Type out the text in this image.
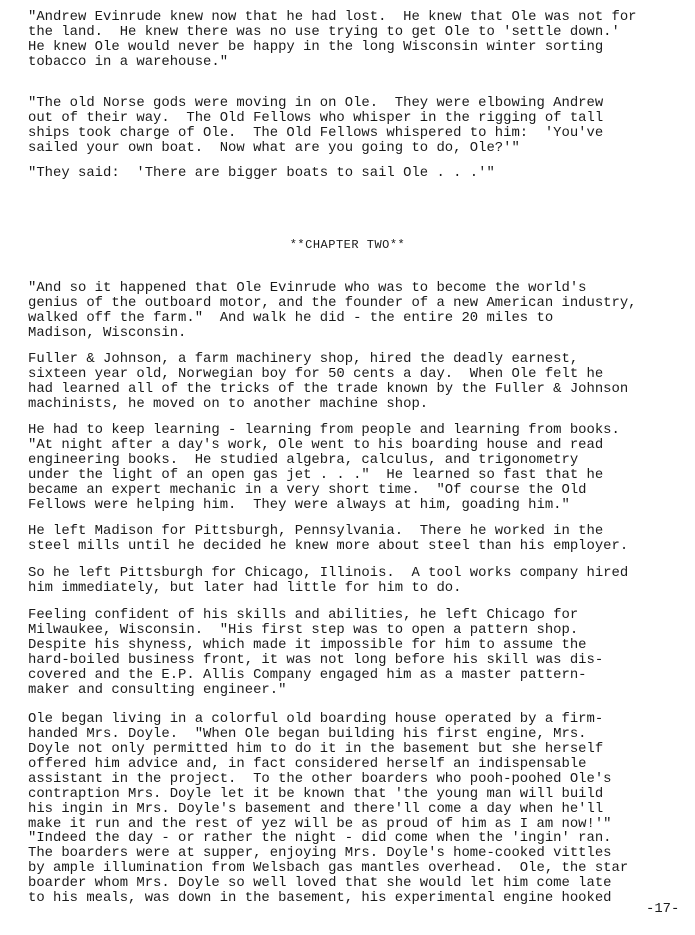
"Andrew Evinrude knew now that he had lost.  He knew that Ole was not for
the land.  He knew there was no use trying to get Ole to 'settle down.'
He knew Ole would never be happy in the long Wisconsin winter sorting
tobacco in a warehouse."

"The old Norse gods were moving in on Ole.  They were elbowing Andrew
out of their way.  The Old Fellows who whisper in the rigging of tall
ships took charge of Ole.  The Old Fellows whispered to him:  'You've
sailed your own boat.  Now what are you going to do, Ole?'"

"They said:  'There are bigger boats to sail Ole . . .'"

**CHAPTER TWO**

"And so it happened that Ole Evinrude who was to become the world's
genius of the outboard motor, and the founder of a new American industry,
walked off the farm."  And walk he did - the entire 20 miles to
Madison, Wisconsin.

Fuller & Johnson, a farm machinery shop, hired the deadly earnest,
sixteen year old, Norwegian boy for 50 cents a day.  When Ole felt he
had learned all of the tricks of the trade known by the Fuller & Johnson
machinists, he moved on to another machine shop.

He had to keep learning - learning from people and learning from books.
"At night after a day's work, Ole went to his boarding house and read
engineering books.  He studied algebra, calculus, and trigonometry
under the light of an open gas jet . . ."  He learned so fast that he
became an expert mechanic in a very short time.  "Of course the Old
Fellows were helping him.  They were always at him, goading him."

He left Madison for Pittsburgh, Pennsylvania.  There he worked in the
steel mills until he decided he knew more about steel than his employer.

So he left Pittsburgh for Chicago, Illinois.  A tool works company hired
him immediately, but later had little for him to do.

Feeling confident of his skills and abilities, he left Chicago for
Milwaukee, Wisconsin.  "His first step was to open a pattern shop.
Despite his shyness, which made it impossible for him to assume the
hard-boiled business front, it was not long before his skill was dis-
covered and the E.P. Allis Company engaged him as a master pattern-
maker and consulting engineer."

Ole began living in a colorful old boarding house operated by a firm-
handed Mrs. Doyle.  "When Ole began building his first engine, Mrs.
Doyle not only permitted him to do it in the basement but she herself
offered him advice and, in fact considered herself an indispensable
assistant in the project.  To the other boarders who pooh-poohed Ole's
contraption Mrs. Doyle let it be known that 'the young man will build
his ingin in Mrs. Doyle's basement and there'll come a day when he'll
make it run and the rest of yez will be as proud of him as I am now!'"

"Indeed the day - or rather the night - did come when the 'ingin' ran.
The boarders were at supper, enjoying Mrs. Doyle's home-cooked vittles
by ample illumination from Welsbach gas mantles overhead.  Ole, the star
boarder whom Mrs. Doyle so well loved that she would let him come late
to his meals, was down in the basement, his experimental engine hooked

-17-
